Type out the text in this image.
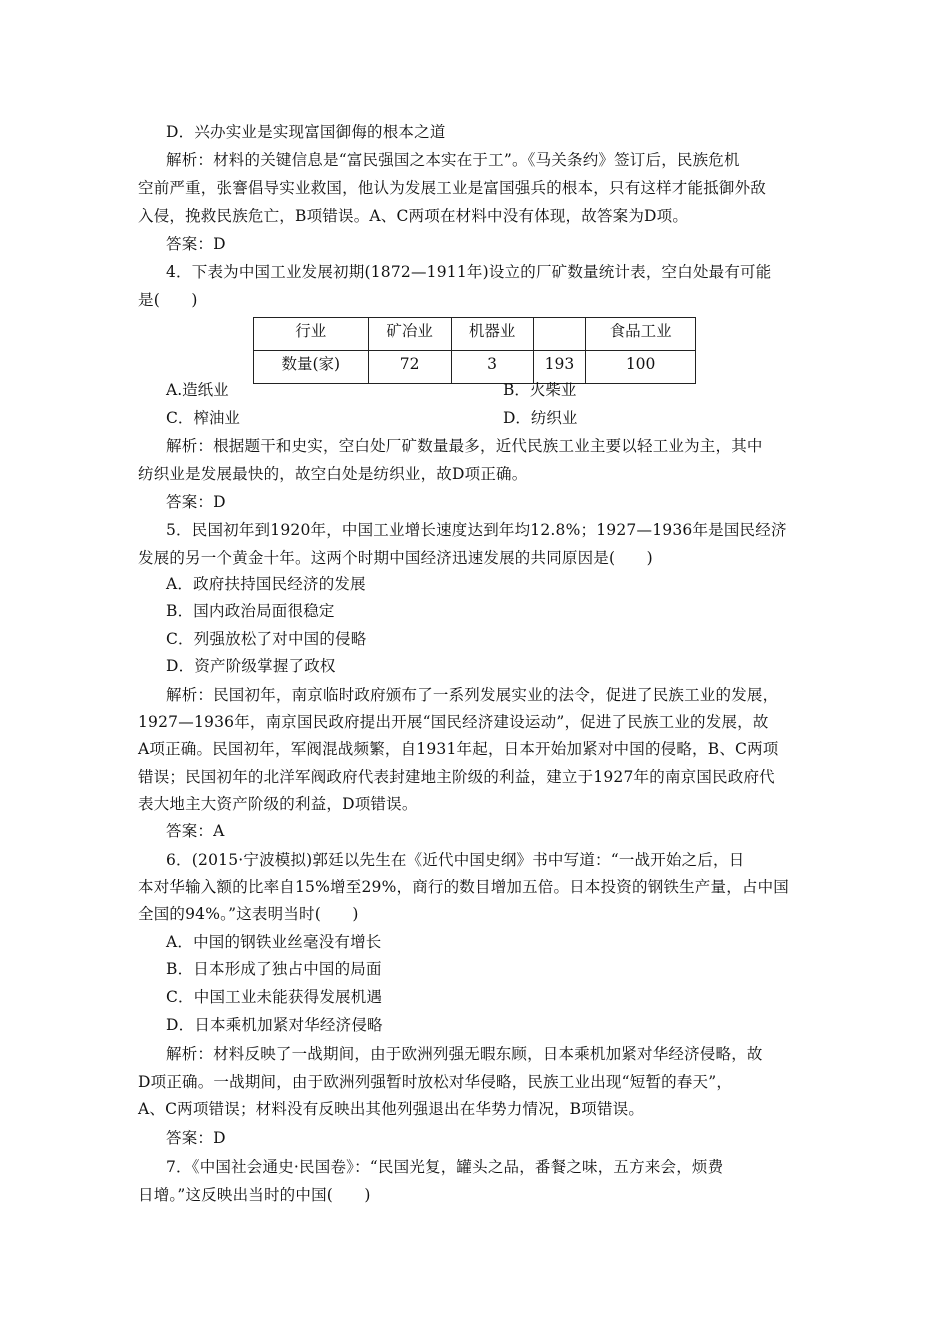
D．兴办实业是实现富国御侮的根本之道
解析：材料的关键信息是“富民强国之本实在于工”。《马关条约》签订后，民族危机
空前严重，张謇倡导实业救国，他认为发展工业是富国强兵的根本，只有这样才能抵御外敌
入侵，挽救民族危亡，B项错误。A、C两项在材料中没有体现，故答案为D项。
答案：D
4．下表为中国工业发展初期(1872—1911年)设立的厂矿数量统计表，空白处最有可能
是(　　)
行业	矿冶业	机器业		食品工业
数量(家)	72	3	193	100
A.造纸业	B．火柴业
C．榨油业	D．纺织业
解析：根据题干和史实，空白处厂矿数量最多，近代民族工业主要以轻工业为主，其中
纺织业是发展最快的，故空白处是纺织业，故D项正确。
答案：D
5．民国初年到1920年，中国工业增长速度达到年均12.8%；1927—1936年是国民经济
发展的另一个黄金十年。这两个时期中国经济迅速发展的共同原因是(　　)
A．政府扶持国民经济的发展
B．国内政治局面很稳定
C．列强放松了对中国的侵略
D．资产阶级掌握了政权
解析：民国初年，南京临时政府颁布了一系列发展实业的法令，促进了民族工业的发展，
1927—1936年，南京国民政府提出开展“国民经济建设运动”，促进了民族工业的发展，故
A项正确。民国初年，军阀混战频繁，自1931年起，日本开始加紧对中国的侵略，B、C两项
错误；民国初年的北洋军阀政府代表封建地主阶级的利益，建立于1927年的南京国民政府代
表大地主大资产阶级的利益，D项错误。
答案：A
6．(2015·宁波模拟)郭廷以先生在《近代中国史纲》书中写道：“一战开始之后，日
本对华输入额的比率自15%增至29%，商行的数目增加五倍。日本投资的钢铁生产量，占中国
全国的94%。”这表明当时(　　)
A．中国的钢铁业丝毫没有增长
B．日本形成了独占中国的局面
C．中国工业未能获得发展机遇
D．日本乘机加紧对华经济侵略
解析：材料反映了一战期间，由于欧洲列强无暇东顾，日本乘机加紧对华经济侵略，故
D项正确。一战期间，由于欧洲列强暂时放松对华侵略，民族工业出现“短暂的春天”，
A、C两项错误；材料没有反映出其他列强退出在华势力情况，B项错误。
答案：D
7．《中国社会通史·民国卷》：“民国光复，罐头之品，番餐之味，五方来会，烦费
日增。”这反映出当时的中国(　　)
